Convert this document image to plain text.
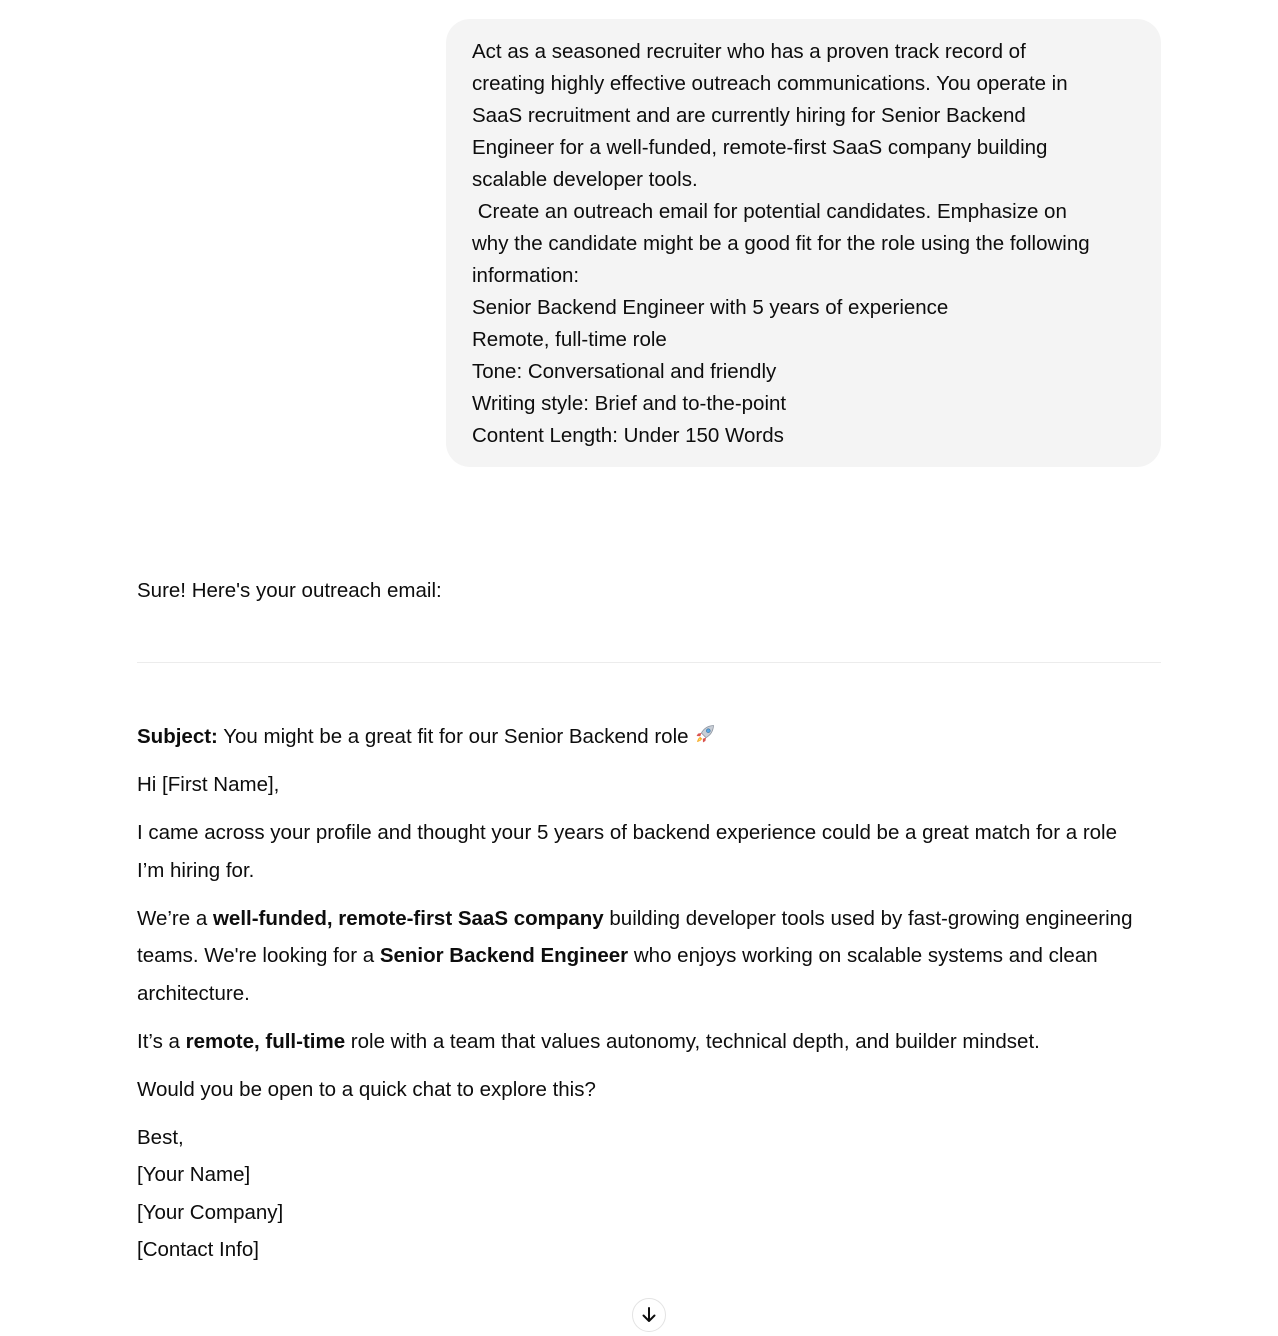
Act as a seasoned recruiter who has a proven track record of
creating highly effective outreach communications. You operate in
SaaS recruitment and are currently hiring for Senior Backend
Engineer for a well-funded, remote-first SaaS company building
scalable developer tools.
Create an outreach email for potential candidates. Emphasize on
why the candidate might be a good fit for the role using the following
information:
Senior Backend Engineer with 5 years of experience
Remote, full-time role
Tone: Conversational and friendly
Writing style: Brief and to-the-point
Content Length: Under 150 Words
Sure! Here's your outreach email:

Subject: You might be a great fit for our Senior Backend role

Hi [First Name],

I came across your profile and thought your 5 years of backend experience could be a great match for a role I’m hiring for.

We’re a well-funded, remote-first SaaS company building developer tools used by fast-growing engineering teams. We're looking for a Senior Backend Engineer who enjoys working on scalable systems and clean architecture.

It’s a remote, full-time role with a team that values autonomy, technical depth, and builder mindset.

Would you be open to a quick chat to explore this?

Best,
[Your Name]
[Your Company]
[Contact Info]
